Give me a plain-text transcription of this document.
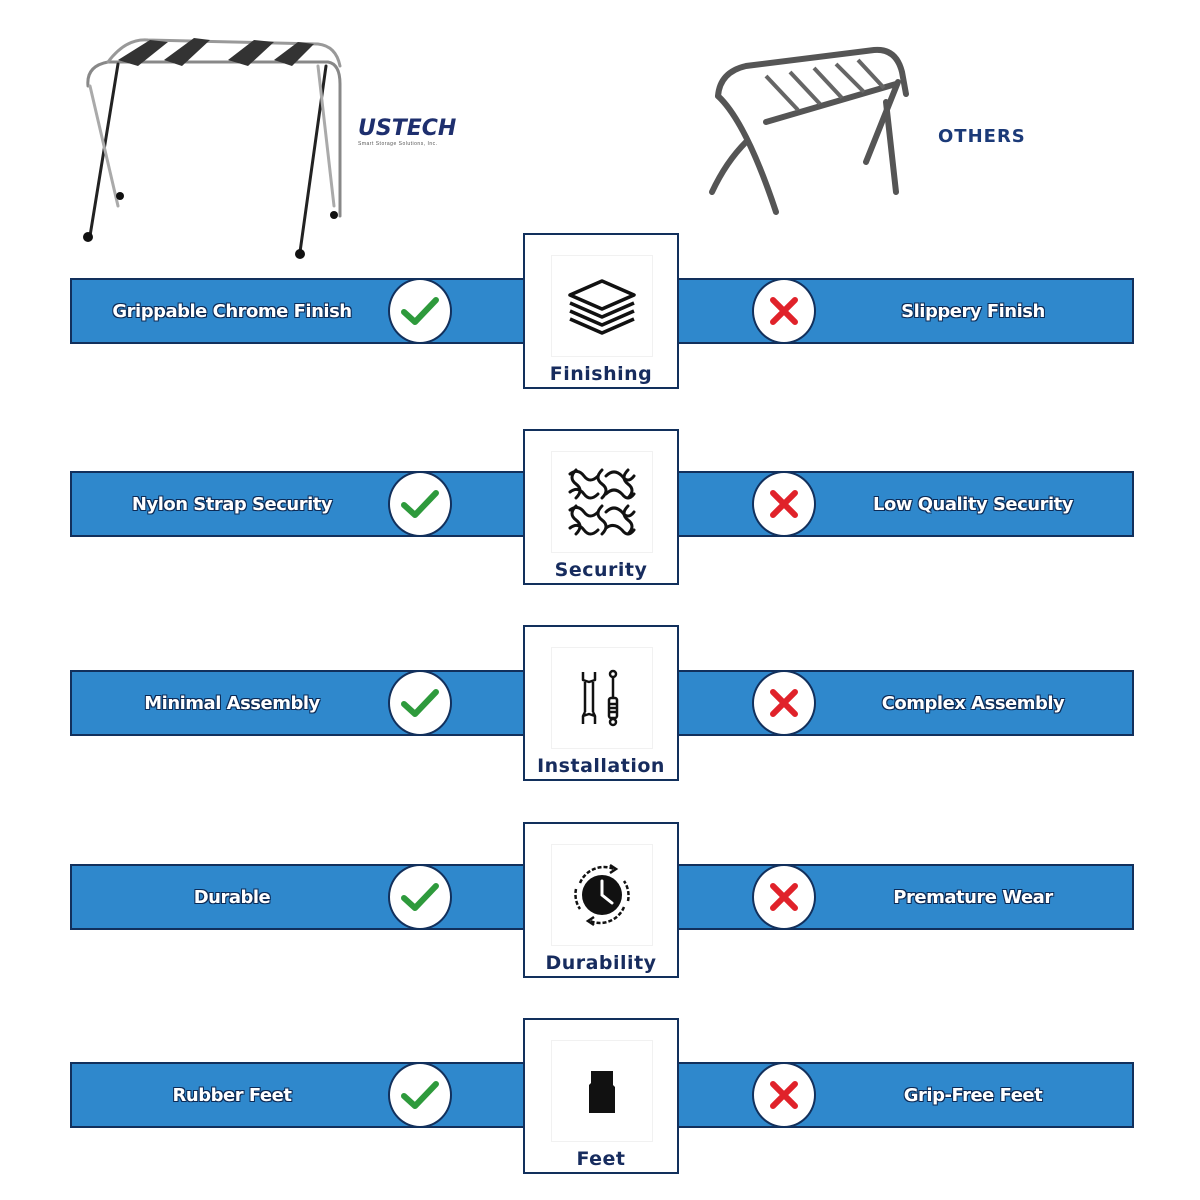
USTECH
Smart Storage Solutions, Inc.	OTHERS
Grippable Chrome Finish	Slippery Finish
Finishing
Nylon Strap Security	Low Quality Security
Security
Minimal Assembly	Complex Assembly
Installation
Durable	Premature Wear
Durability
Rubber Feet	Grip-Free Feet
Feet
